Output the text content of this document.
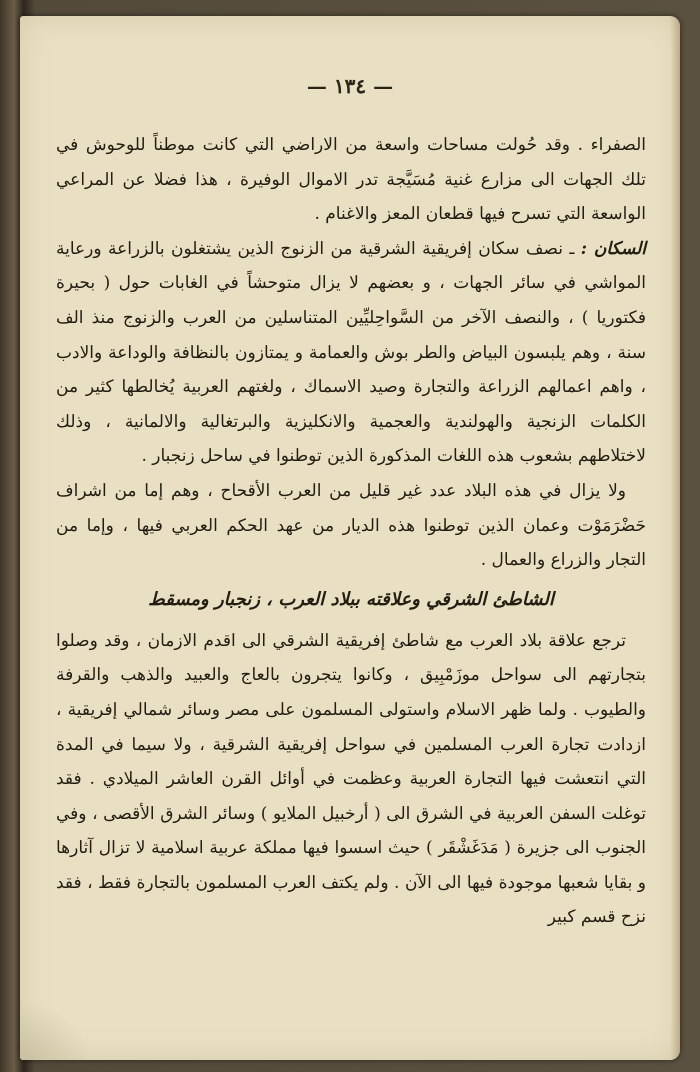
— ١٣٤ —

الصفراء . وقد حُولت مساحات واسعة من الاراضي التي كانت موطناً للوحوش في تلك الجهات الى مزارع غنية مُسَيَّجة تدر الاموال الوفيرة ، هذا فضلا عن المراعي الواسعة التي تسرح فيها قطعان المعز والاغنام .

السكان : ـ نصف سكان إفريقية الشرقية من الزنوج الذين يشتغلون بالزراعة ورعاية المواشي في سائر الجهات ، و بعضهم لا يزال متوحشاً في الغابات حول ( بحيرة فكتوريا ) ، والنصف الآخر من السَّواحِليِّين المتناسلين من العرب والزنوج منذ الف سنة ، وهم يلبسون البياض والطر بوش والعمامة و يمتازون بالنظافة والوداعة والادب ، واهم اعمالهم الزراعة والتجارة وصيد الاسماك ، ولغتهم العربية يُخالطها كثير من الكلمات الزنجية والهولندية والعجمية والانكليزية والبرتغالية والالمانية ، وذلك لاختلاطهم بشعوب هذه اللغات المذكورة الذين توطنوا في ساحل زنجبار .

ولا يزال في هذه البلاد عدد غير قليل من العرب الأقحاح ، وهم إما من اشراف حَضْرَمَوْت وعمان الذين توطنوا هذه الديار من عهد الحكم العربي فيها ، وإما من التجار والزراع والعمال .

الشاطئ الشرقي وعلاقته ببلاد العرب ، زنجبار ومسقط

ترجع علاقة بلاد العرب مع شاطئ إفريقية الشرقي الى اقدم الازمان ، وقد وصلوا بتجارتهم الى سواحل موزَمْبِيق ، وكانوا يتجرون بالعاج والعبيد والذهب والقرفة والطيوب . ولما ظهر الاسلام واستولى المسلمون على مصر وسائر شمالي إفريقية ، ازدادت تجارة العرب المسلمين في سواحل إفريقية الشرقية ، ولا سيما في المدة التي انتعشت فيها التجارة العربية وعظمت في أوائل القرن العاشر الميلادي . فقد توغلت السفن العربية في الشرق الى ( أرخبيل الملايو ) وسائر الشرق الأقصى ، وفي الجنوب الى جزيرة ( مَدَغَشْقَر ) حيث اسسوا فيها مملكة عربية اسلامية لا تزال آثارها و بقايا شعبها موجودة فيها الى الآن . ولم يكتف العرب المسلمون بالتجارة فقط ، فقد نزح قسم كبير
